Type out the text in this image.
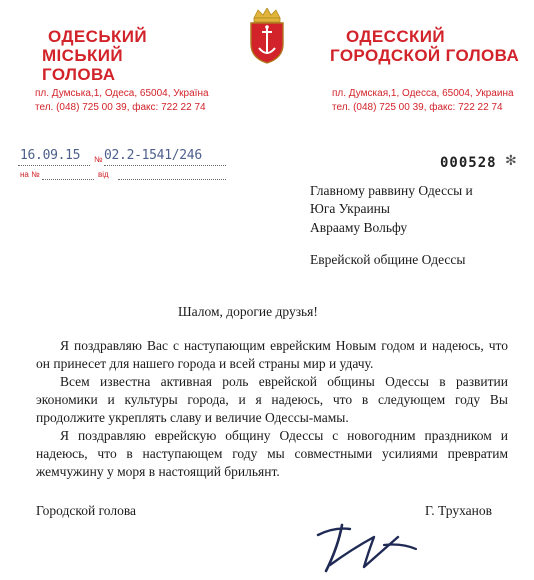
ОДЕСЬКИЙ
МІСЬКИЙ ГОЛОВА
пл. Думська,1, Одеса, 65004, Україна
тел. (048) 725 00 39, факс: 722 22 74
ОДЕССКИЙ
ГОРОДСКОЙ ГОЛОВА
пл. Думская,1, Одесса, 65004, Украина
тел. (048) 725 00 39, факс: 722 22 74
16.09.15 № 02.2-1541/246
на №	від
000528 ✻
Главному раввину Одессы и
Юга Украины
Аврааму Вольфу
Еврейской общине Одессы
Шалом, дорогие друзья!
Я поздравляю Вас с наступающим еврейским Новым годом и надеюсь, что он принесет для нашего города и всей страны мир и удачу.
Всем известна активная роль еврейской общины Одессы в развитии экономики и культуры города, и я надеюсь, что в следующем году Вы продолжите укреплять славу и величие Одессы-мамы.
Я поздравляю еврейскую общину Одессы с новогодним праздником и надеюсь, что в наступающем году мы совместными усилиями превратим жемчужину у моря в настоящий брильянт.
Городской голова	Г. Труханов
